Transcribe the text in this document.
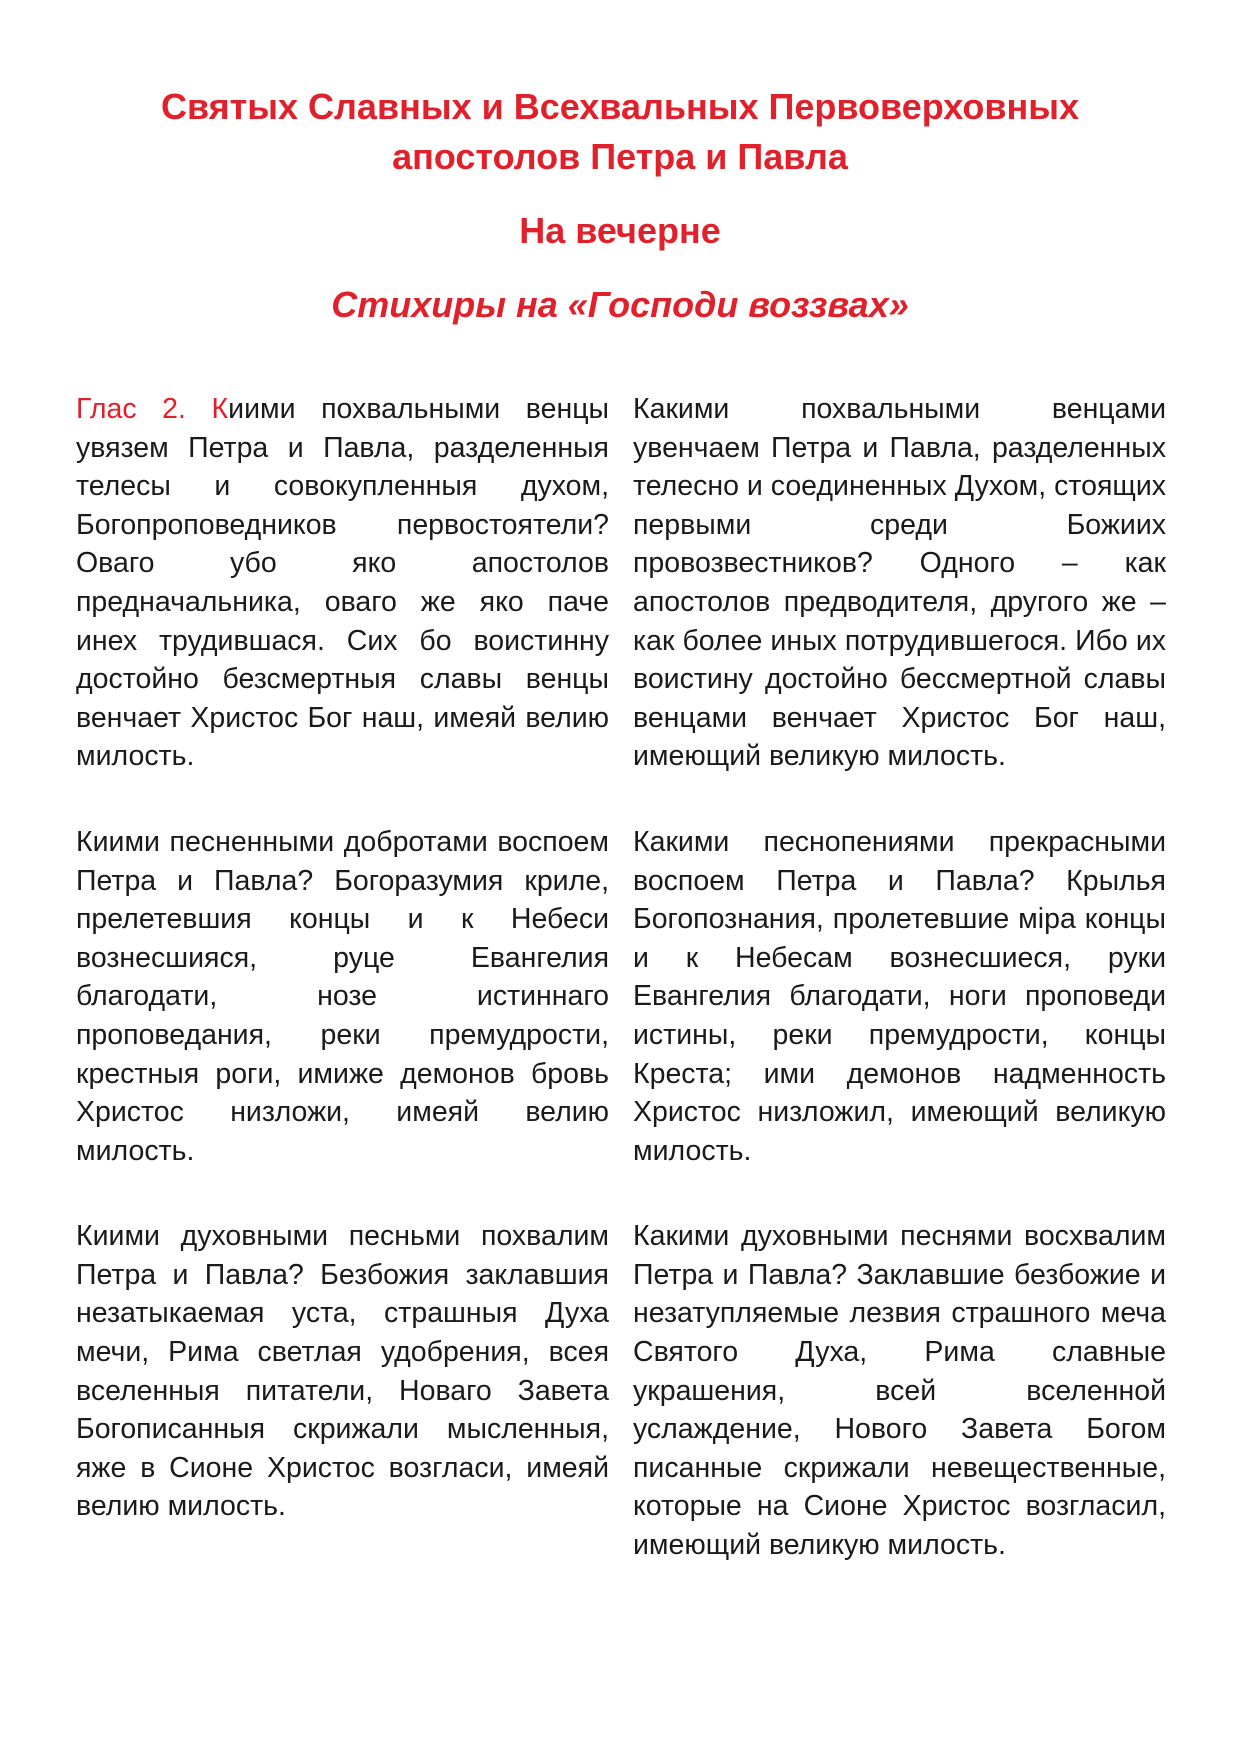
Святых Славных и Всехвальных Первоверховных

апостолов Петра и Павла

На вечерне

Стихиры на «Господи воззвах»

Глас 2. Киими похвальными венцы увязем Петра и Павла, разделенныя телесы и совокупленныя духом, Богопроповедников первостоятели? Оваго убо яко апостолов предначальника, оваго же яко паче инех трудившася. Сих бо воистинну достойно безсмертныя славы венцы венчает Христос Бог наш, имеяй велию милость.

Какими похвальными венцами увенчаем Петра и Павла, разделенных телесно и соединенных Духом, стоящих первыми среди Божиих провозвестников? Одного – как апостолов предводителя, другого же – как более иных потрудившегося. Ибо их воистину достойно бессмертной славы венцами венчает Христос Бог наш, имеющий великую милость.

Киими песненными добротами воспоем Петра и Павла? Богоразумия криле, прелетевшия концы и к Небеси вознесшияся, руце Евангелия благодати, нозе истиннаго проповедания, реки премудрости, крестныя роги, имиже демонов бровь Христос низложи, имеяй велию милость.

Какими песнопениями прекрасными воспоем Петра и Павла? Крылья Богопознания, пролетевшие міра концы и к Небесам вознесшиеся, руки Евангелия благодати, ноги проповеди истины, реки премудрости, концы Креста; ими демонов надменность Христос низложил, имеющий великую милость.

Киими духовными песньми похвалим Петра и Павла? Безбожия заклавшия незатыкаемая уста, страшныя Духа мечи, Рима светлая удобрения, всея вселенныя питатели, Новаго Завета Богописанныя скрижали мысленныя, яже в Сионе Христос возгласи, имеяй велию милость.

Какими духовными песнями восхвалим Петра и Павла? Заклавшие безбожие и незатупляемые лезвия страшного меча Святого Духа, Рима славные украшения, всей вселенной услаждение, Нового Завета Богом писанные скрижали невещественные, которые на Сионе Христос возгласил, имеющий великую милость.
